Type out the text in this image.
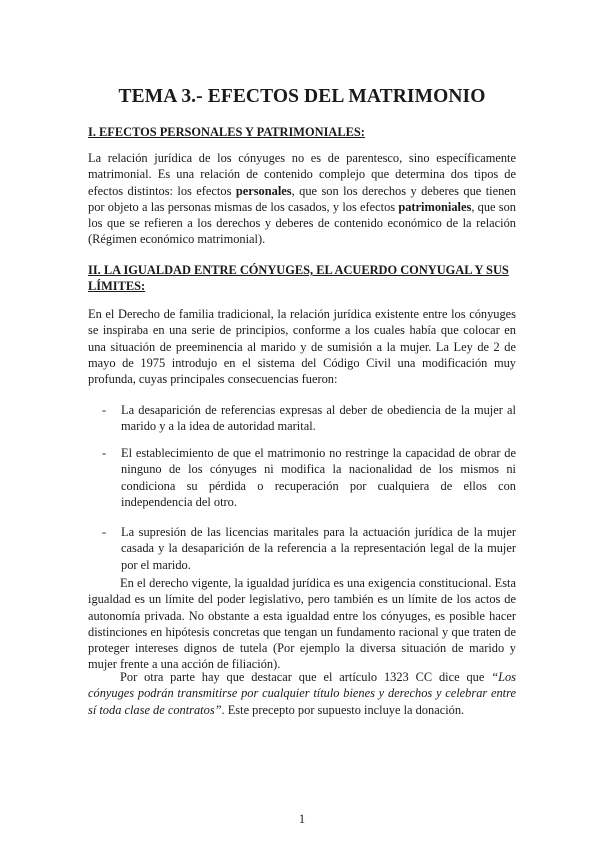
TEMA 3.- EFECTOS DEL MATRIMONIO

I. EFECTOS PERSONALES Y PATRIMONIALES:

La relación jurídica de los cónyuges no es de parentesco, sino específicamente matrimonial. Es una relación de contenido complejo que determina dos tipos de efectos distintos: los efectos personales, que son los derechos y deberes que tienen por objeto a las personas mismas de los casados, y los efectos patrimoniales, que son los que se refieren a los derechos y deberes de contenido económico de la relación (Régimen económico matrimonial).

II. LA IGUALDAD ENTRE CÓNYUGES, EL ACUERDO CONYUGAL Y SUS LÍMITES:

En el Derecho de familia tradicional, la relación jurídica existente entre los cónyuges se inspiraba en una serie de principios, conforme a los cuales había que colocar en una situación de preeminencia al marido y de sumisión a la mujer. La Ley de 2 de mayo de 1975 introdujo en el sistema del Código Civil una modificación muy profunda, cuyas principales consecuencias fueron:

- La desaparición de referencias expresas al deber de obediencia de la mujer al marido y a la idea de autoridad marital.
- El establecimiento de que el matrimonio no restringe la capacidad de obrar de ninguno de los cónyuges ni modifica la nacionalidad de los mismos ni condiciona su pérdida o recuperación por cualquiera de ellos con independencia del otro.
- La supresión de las licencias maritales para la actuación jurídica de la mujer casada y la desaparición de la referencia a la representación legal de la mujer por el marido.

En el derecho vigente, la igualdad jurídica es una exigencia constitucional. Esta igualdad es un límite del poder legislativo, pero también es un límite de los actos de autonomía privada. No obstante a esta igualdad entre los cónyuges, es posible hacer distinciones en hipótesis concretas que tengan un fundamento racional y que traten de proteger intereses dignos de tutela (Por ejemplo la diversa situación de marido y mujer frente a una acción de filiación).

Por otra parte hay que destacar que el artículo 1323 CC dice que “Los cónyuges podrán transmitirse por cualquier título bienes y derechos y celebrar entre sí toda clase de contratos”. Este precepto por supuesto incluye la donación.

1
